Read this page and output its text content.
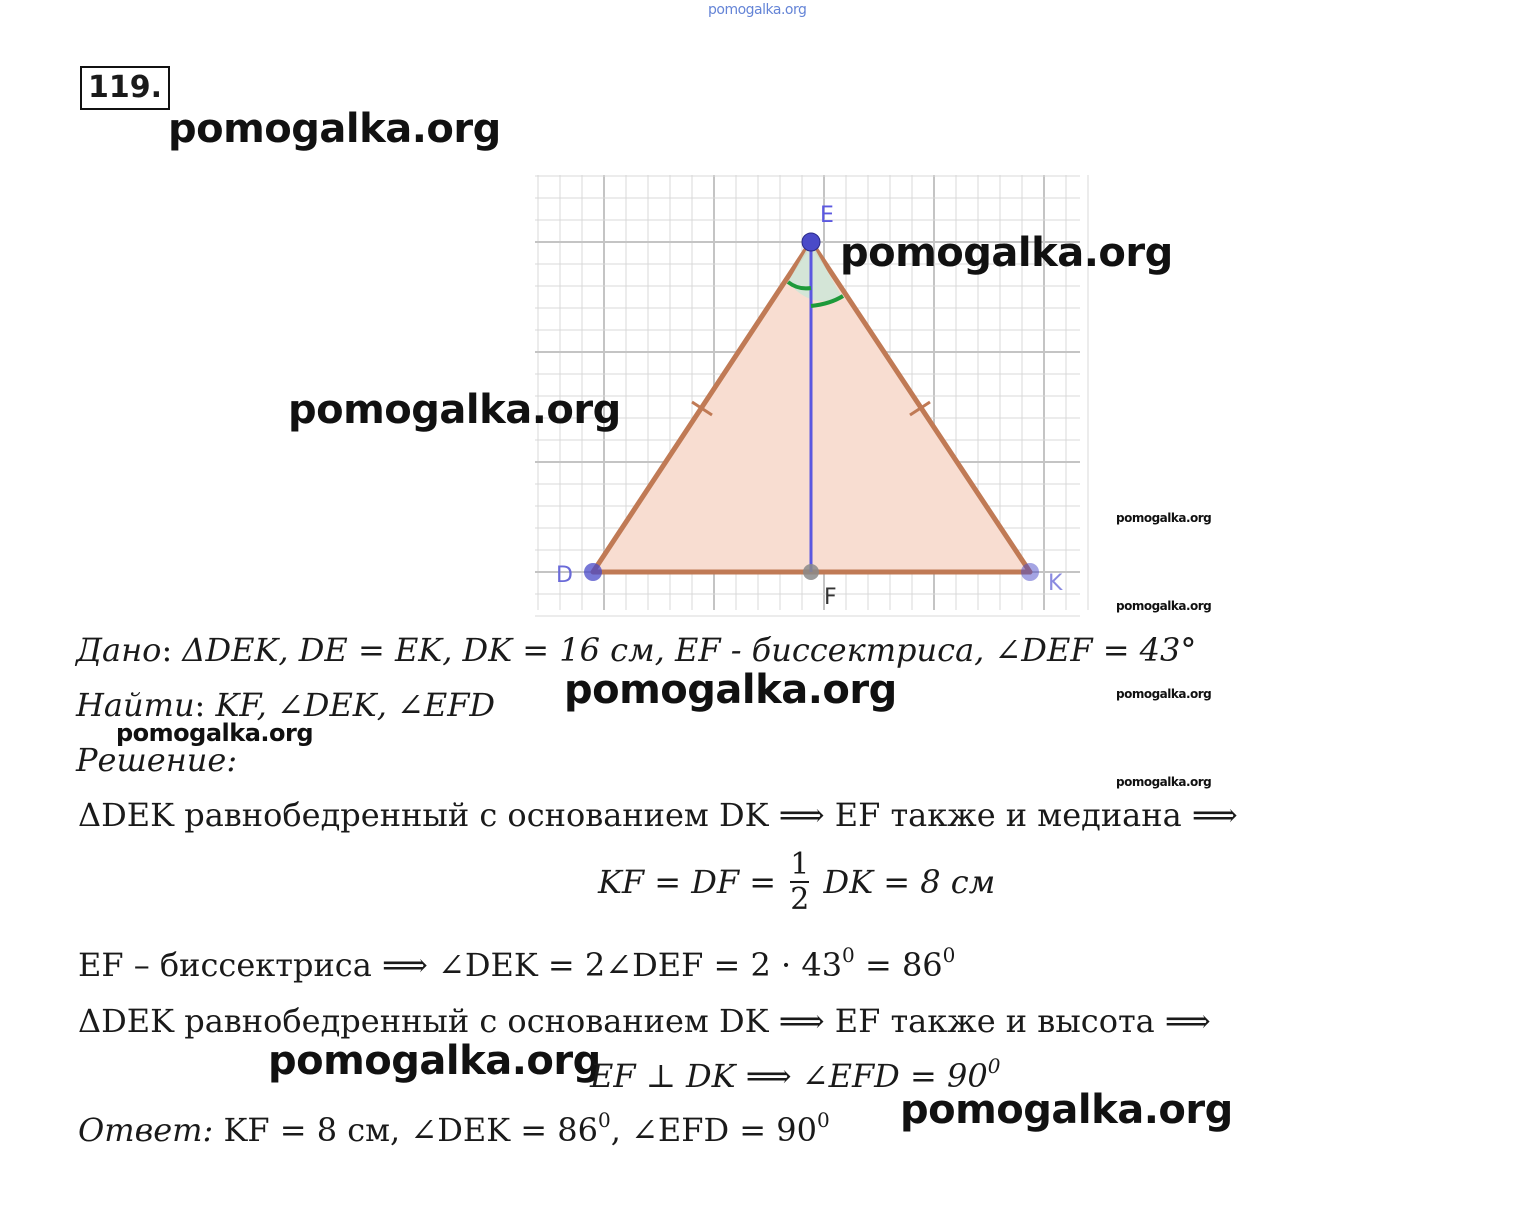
pomogalka.org
119.
E
D	K
F
pomogalka.org
pomogalka.org
pomogalka.org
pomogalka.org
pomogalka.org
pomogalka.org
pomogalka.org
pomogalka.org
pomogalka.org
pomogalka.org
pomogalka.org
Дано: ΔDEK, DE = EK, DK = 16 см, EF - биссектриса, ∠DEF = 43°
Найти: KF, ∠DEK, ∠EFD
Решение:
ΔDEK равнобедренный с основанием DK ⟹ EF также и медиана ⟹
KF = DF = $\frac{1}{2}$ DK = 8 см
EF – биссектриса ⟹ ∠DEK = 2∠DEF = $2 \cdot 43^0 = 86^0$
ΔDEK равнобедренный с основанием DK ⟹ EF также и высота ⟹
EF ⊥ DK ⟹ ∠EFD = $90^0$
Ответ: KF = 8 см, ∠DEK = $86^0$, ∠EFD = $90^0$
